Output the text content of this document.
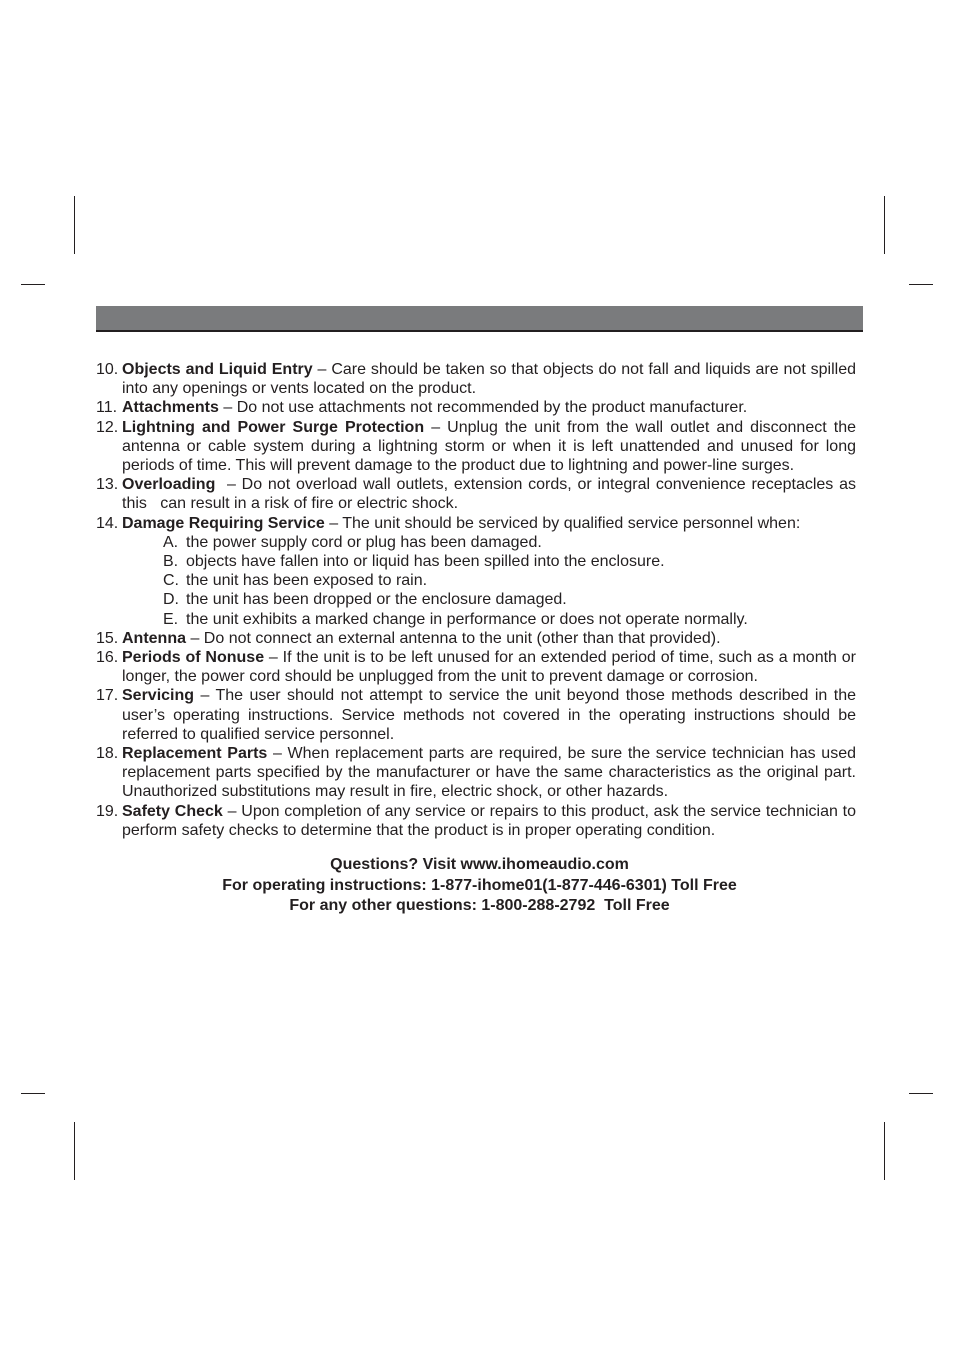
10. Objects and Liquid Entry – Care should be taken so that objects do not fall and liquids are not spilled into any openings or vents located on the product.
11. Attachments – Do not use attachments not recommended by the product manufacturer.
12. Lightning and Power Surge Protection – Unplug the unit from the wall outlet and disconnect the antenna or cable system during a lightning storm or when it is left unattended and unused for long periods of time. This will prevent damage to the product due to lightning and power-line surges.
13. Overloading  – Do not overload wall outlets, extension cords, or integral convenience receptacles as this   can result in a risk of fire or electric shock.
14. Damage Requiring Service – The unit should be serviced by qualified service personnel when:
A. the power supply cord or plug has been damaged.
B. objects have fallen into or liquid has been spilled into the enclosure.
C. the unit has been exposed to rain.
D. the unit has been dropped or the enclosure damaged.
E. the unit exhibits a marked change in performance or does not operate normally.
15. Antenna – Do not connect an external antenna to the unit (other than that provided).
16. Periods of Nonuse – If the unit is to be left unused for an extended period of time, such as a month or longer, the power cord should be unplugged from the unit to prevent damage or corrosion.
17. Servicing – The user should not attempt to service the unit beyond those methods described in the user’s operating instructions. Service methods not covered in the operating instructions should be referred to qualified service personnel.
18. Replacement Parts – When replacement parts are required, be sure the service technician has used replacement parts specified by the manufacturer or have the same characteristics as the original part. Unauthorized substitutions may result in fire, electric shock, or other hazards.
19. Safety Check – Upon completion of any service or repairs to this product, ask the service technician to perform safety checks to determine that the product is in proper operating condition.
Questions? Visit www.ihomeaudio.com
For operating instructions: 1-877-ihome01(1-877-446-6301) Toll Free
For any other questions: 1-800-288-2792  Toll Free
